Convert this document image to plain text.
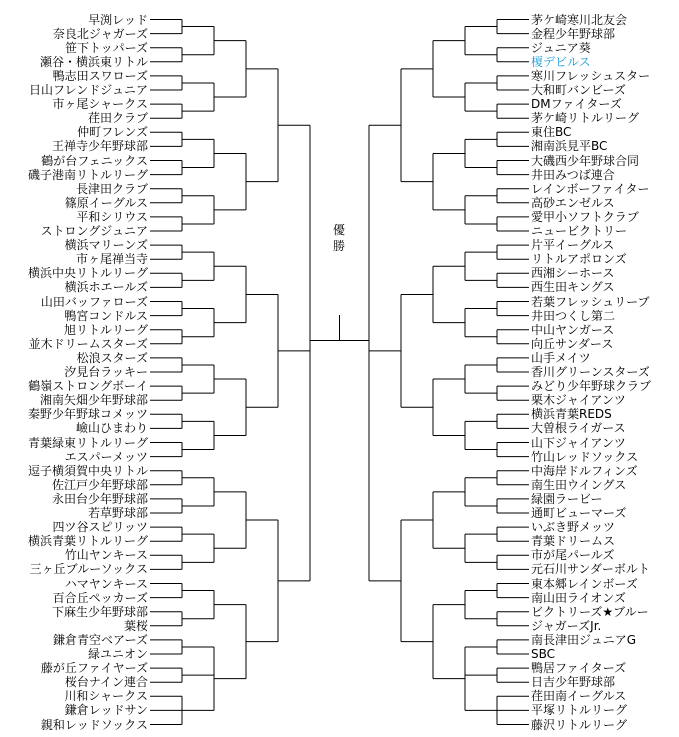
早渕レッド
奈良北ジャガーズ
笹下トッパーズ
瀬谷・横浜東リトル
鴨志田スワローズ
日山フレンドジュニア
市ヶ尾シャークス
荏田クラブ
仲町フレンズ
王禅寺少年野球部
鶴が台フェニックス
磯子港南リトルリーグ
長津田クラブ
篠原イーグルス
平和シリウス
ストロングジュニア
横浜マリーンズ
市ヶ尾禅当寺
横浜中央リトルリーグ
横浜ホエールズ
山田バッファローズ
鴨宮コンドルス
旭リトルリーグ
並木ドリームスターズ
松浪スターズ
汐見台ラッキー
鶴嶺ストロングボーイ
湘南矢畑少年野球部
秦野少年野球コメッツ
嶮山ひまわり
青葉緑東リトルリーグ
エスパーメッツ
逗子横須賀中央リトル
佐江戸少年野球部
永田台少年野球部
若草野球部
四ツ谷スピリッツ
横浜青葉リトルリーグ
竹山ヤンキース
三ヶ丘ブルーソックス
ハマヤンキース
百合丘ペッカーズ
下麻生少年野球部
葉桜
鎌倉青空ベアーズ
緑ユニオン
藤が丘ファイヤーズ
桜台ナイン連合
川和シャークス
鎌倉レッドサン
親和レッドソックス
茅ケ崎寒川北友会
金程少年野球部
ジュニア葵
榎デビルス
寒川フレッシュスター
大和町バンビーズ
DMファイターズ
茅ケ崎リトルリーグ
東住BC
湘南浜見平BC
大磯西少年野球合同
井田みつば連合
レインボーファイター
高砂エンゼルス
愛甲小ソフトクラブ
ニュービクトリー
片平イーグルス
リトルアポロンズ
西湘シーホース
西生田キングス
若葉フレッシュリーブ
井田つくし第二
中山ヤンガース
向丘サンダース
山手メイツ
香川グリーンスターズ
みどり少年野球クラブ
栗木ジャイアンツ
横浜青葉REDS
大曽根ライガース
山下ジャイアンツ
竹山レッドソックス
中海岸ドルフィンズ
南生田ウイングス
緑園ラービー
通町ビューマーズ
いぶき野メッツ
青葉ドリームス
市が尾パールズ
元石川サンダーボルト
東本郷レインボーズ
南山田ライオンズ
ビクトリーズ★ブルー
ジャガーズJr.
南長津田ジュニアG
SBC
鴨居ファイターズ
日吉少年野球部
荏田南イーグルス
平塚リトルリーグ
藤沢リトルリーグ
優
勝
